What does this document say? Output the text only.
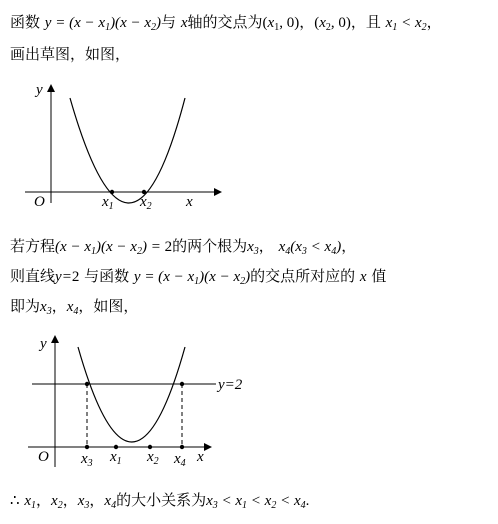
函数 $y = (x - x_1)(x - x_2)$与 x轴的交点为($x_1$, 0)，($x_2$, 0)，且 $x_1 < x_2$，
画出草图，如图，
y
x
O	$x_1$ $x_2$
若方程$(x - x_1)(x - x_2) = 2$的两个根为$x_3$， $x_4(x_3 < x_4)$，
则直线y=2 与函数 $y = (x - x_1)(x - x_2)$的交点所对应的 x 值
即为$x_3$，$x_4$，如图，
y
y=2
O	x
$x_3$ $x_1$ $x_2$ $x_4$
∴ $x_1$，$x_2$，$x_3$，$x_4$的大小关系为$x_3 < x_1 < x_2 < x_4$.
